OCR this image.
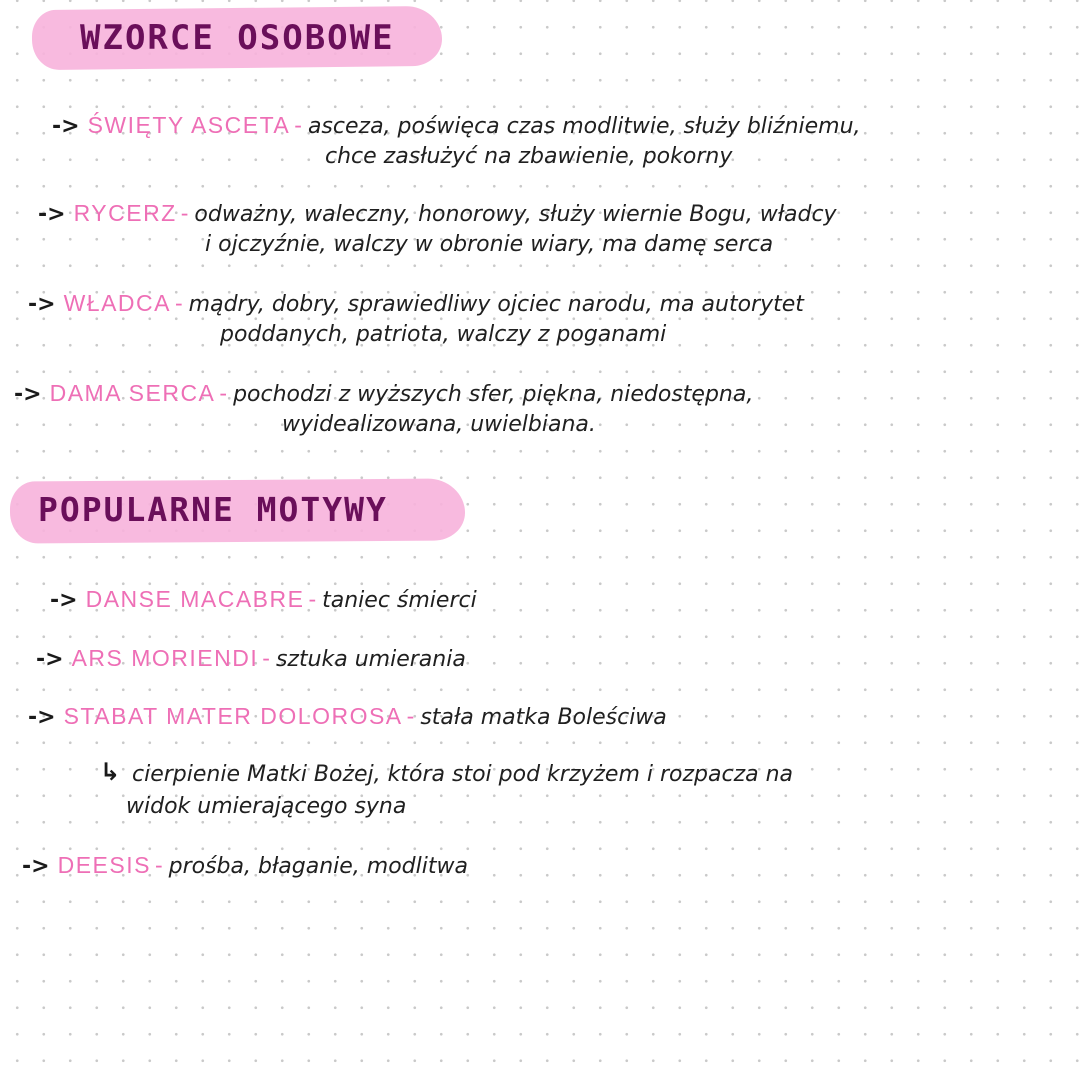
WZORCE OSOBOWE
-> ŚWIĘTY ASCETA - asceza, poświęca czas modlitwie, służy bliźniemu,
chce zasłużyć na zbawienie, pokorny
-> RYCERZ - odważny, waleczny, honorowy, służy wiernie Bogu, władcy
i ojczyźnie, walczy w obronie wiary, ma damę serca
-> WŁADCA - mądry, dobry, sprawiedliwy ojciec narodu, ma autorytet
poddanych, patriota, walczy z poganami
-> DAMA SERCA - pochodzi z wyższych sfer, piękna, niedostępna,
wyidealizowana, uwielbiana.
POPULARNE MOTYWY
-> DANSE MACABRE - taniec śmierci
-> ARS MORIENDI - sztuka umierania
-> STABAT MATER DOLOROSA - stała matka Boleściwa
↳ cierpienie Matki Bożej, która stoi pod krzyżem i rozpacza na
widok umierającego syna
-> DEESIS - prośba, błaganie, modlitwa
